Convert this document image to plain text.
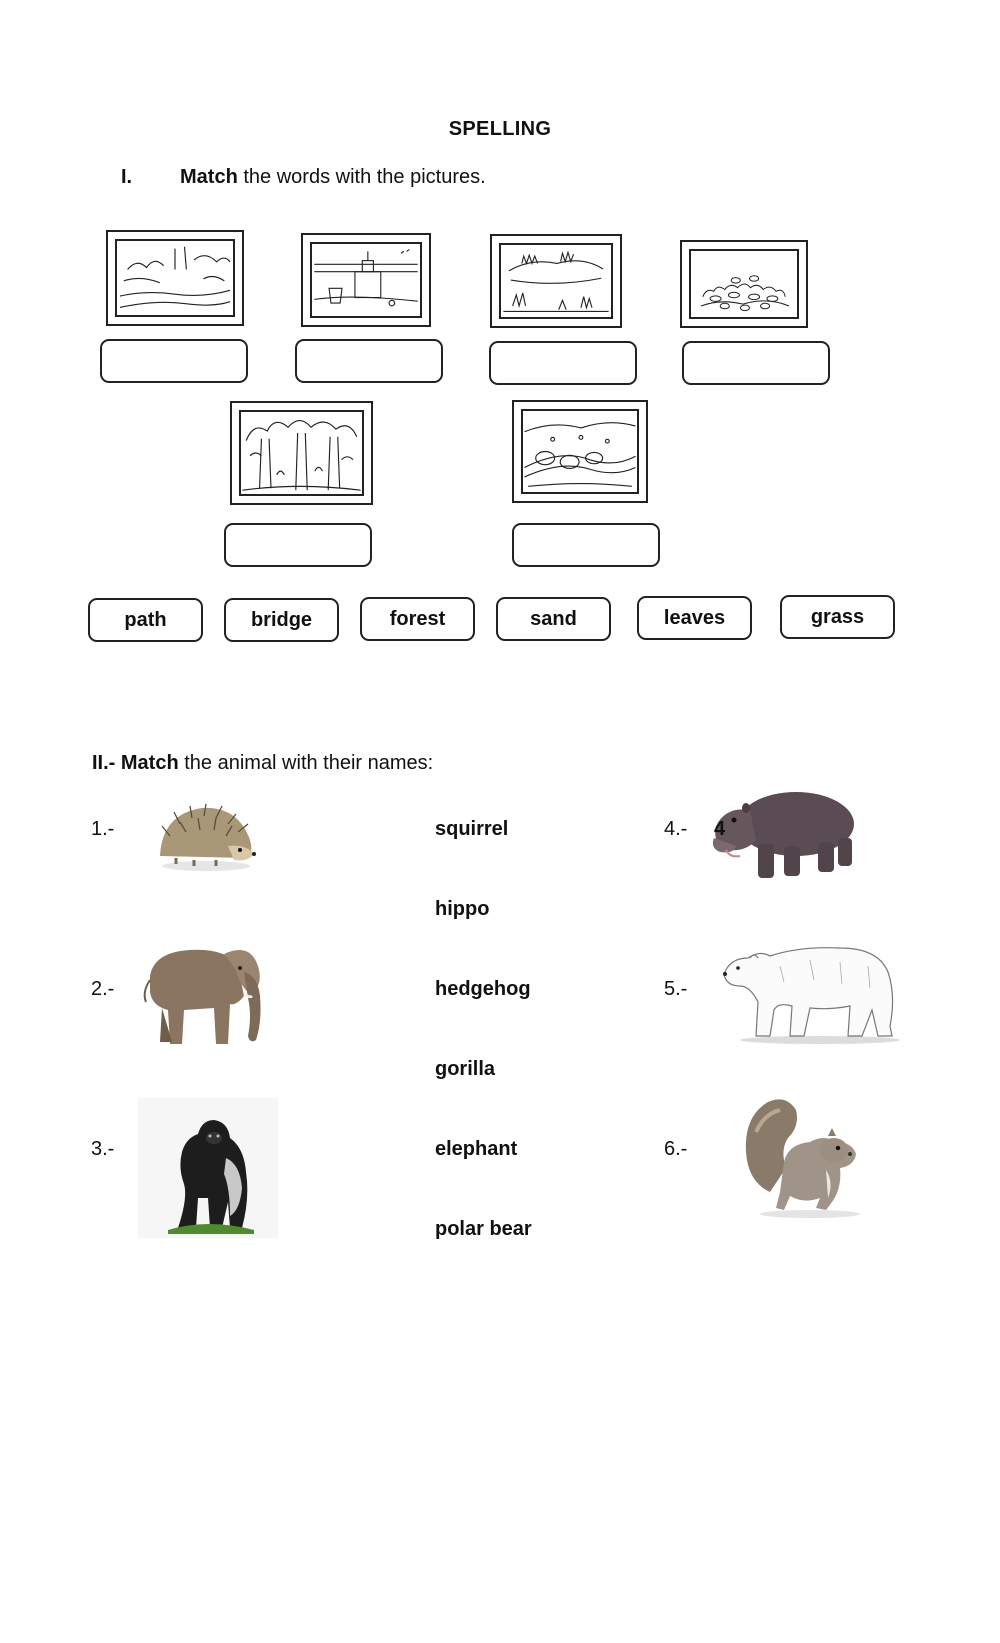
SPELLING
I. Match the words with the pictures.
path	bridge	forest	sand	leaves	grass
II.- Match the animal with their names:
1.-
2.-
3.-
4.-
5.-
6.-
squirrel
hippo
hedgehog
gorilla
elephant
polar bear
4
